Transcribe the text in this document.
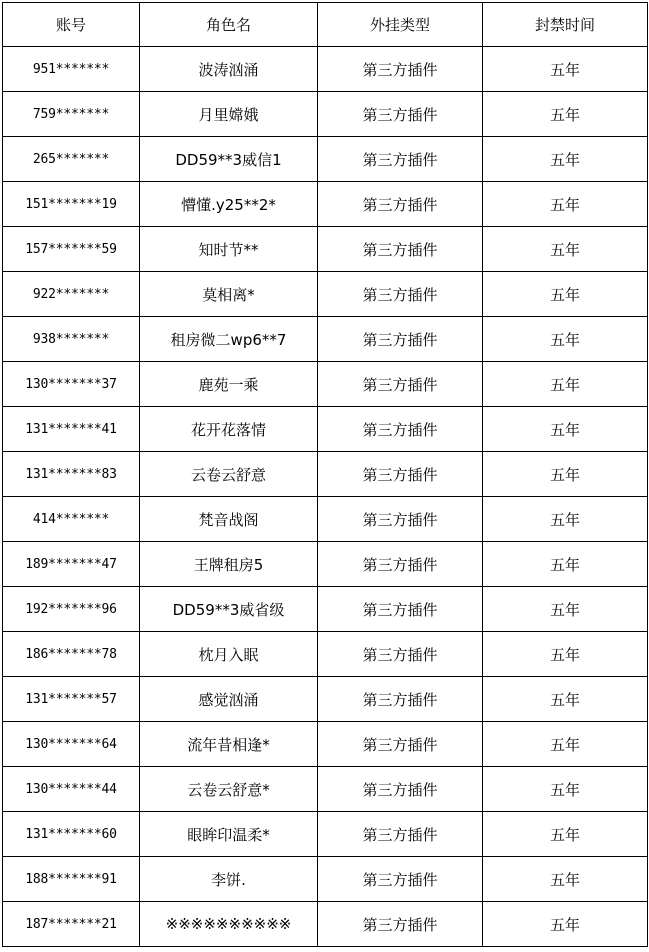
账号	角色名	外挂类型	封禁时间
951*******	波涛汹涌	第三方插件	五年
759*******	月里嫦娥	第三方插件	五年
265*******	DD59**3威信1	第三方插件	五年
151*******19	懵懂.y25**2*	第三方插件	五年
157*******59	知时节**	第三方插件	五年
922*******	莫相离*	第三方插件	五年
938*******	租房微二wp6**7	第三方插件	五年
130*******37	鹿苑一乘	第三方插件	五年
131*******41	花开花落情	第三方插件	五年
131*******83	云卷云舒意	第三方插件	五年
414*******	梵音战阁	第三方插件	五年
189*******47	王牌租房5	第三方插件	五年
192*******96	DD59**3威省级	第三方插件	五年
186*******78	枕月入眠	第三方插件	五年
131*******57	感觉汹涌	第三方插件	五年
130*******64	流年昔相逢*	第三方插件	五年
130*******44	云卷云舒意*	第三方插件	五年
131*******60	眼眸印温柔*	第三方插件	五年
188*******91	李饼.	第三方插件	五年
187*******21	※※※※※※※※※※	第三方插件	五年
